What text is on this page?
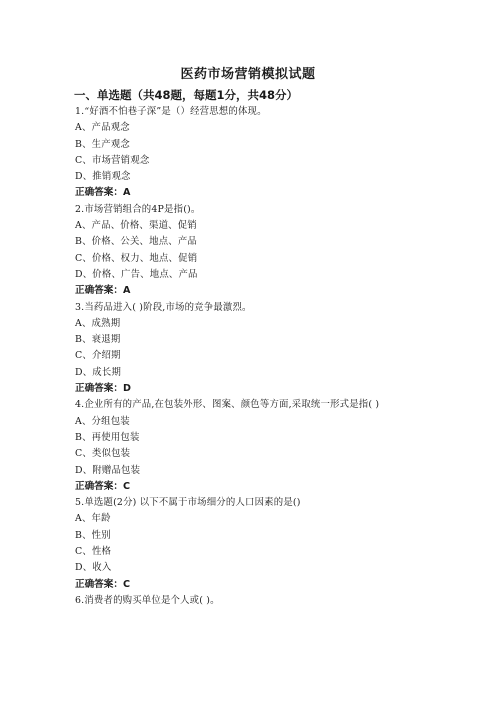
医药市场营销模拟试题
一、单选题（共48题，每题1分，共48分）
1.“好酒不怕巷子深”是（）经营思想的体现。
A、产品观念
B、生产观念
C、市场营销观念
D、推销观念
正确答案：A
2.市场营销组合的4P是指()。
A、产品、价格、渠道、促销
B、价格、公关、地点、产品
C、价格、权力、地点、促销
D、价格、广告、地点、产品
正确答案：A
3.当药品进入( )阶段,市场的竞争最激烈。
A、成熟期
B、衰退期
C、介绍期
D、成长期
正确答案：D
4.企业所有的产品,在包装外形、图案、颜色等方面,采取统一形式是指( )
A、分组包装
B、再使用包装
C、类似包装
D、附赠品包装
正确答案：C
5.单选题(2分) 以下不属于市场细分的人口因素的是()
A、年龄
B、性别
C、性格
D、收入
正确答案：C
6.消费者的购买单位是个人或( )。
